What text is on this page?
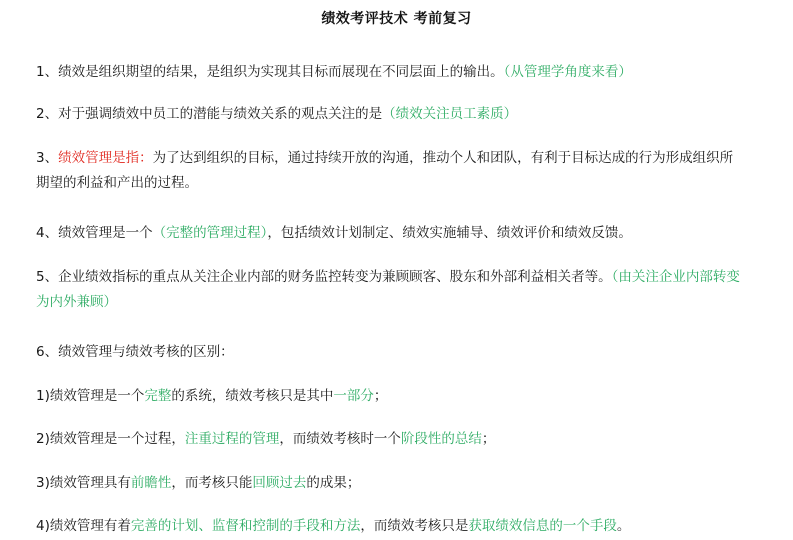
绩效考评技术 考前复习
1、绩效是组织期望的结果，是组织为实现其目标而展现在不同层面上的输出。（从管理学角度来看）
2、对于强调绩效中员工的潜能与绩效关系的观点关注的是（绩效关注员工素质）
3、绩效管理是指：为了达到组织的目标，通过持续开放的沟通，推动个人和团队，有利于目标达成的行为形成组织所期望的利益和产出的过程。
4、绩效管理是一个（完整的管理过程），包括绩效计划制定、绩效实施辅导、绩效评价和绩效反馈。
5、企业绩效指标的重点从关注企业内部的财务监控转变为兼顾顾客、股东和外部利益相关者等。（由关注企业内部转变为内外兼顾）
6、绩效管理与绩效考核的区别：
1)绩效管理是一个完整的系统，绩效考核只是其中一部分；
2)绩效管理是一个过程，注重过程的管理，而绩效考核时一个阶段性的总结；
3)绩效管理具有前瞻性，而考核只能回顾过去的成果；
4)绩效管理有着完善的计划、监督和控制的手段和方法，而绩效考核只是获取绩效信息的一个手段。
